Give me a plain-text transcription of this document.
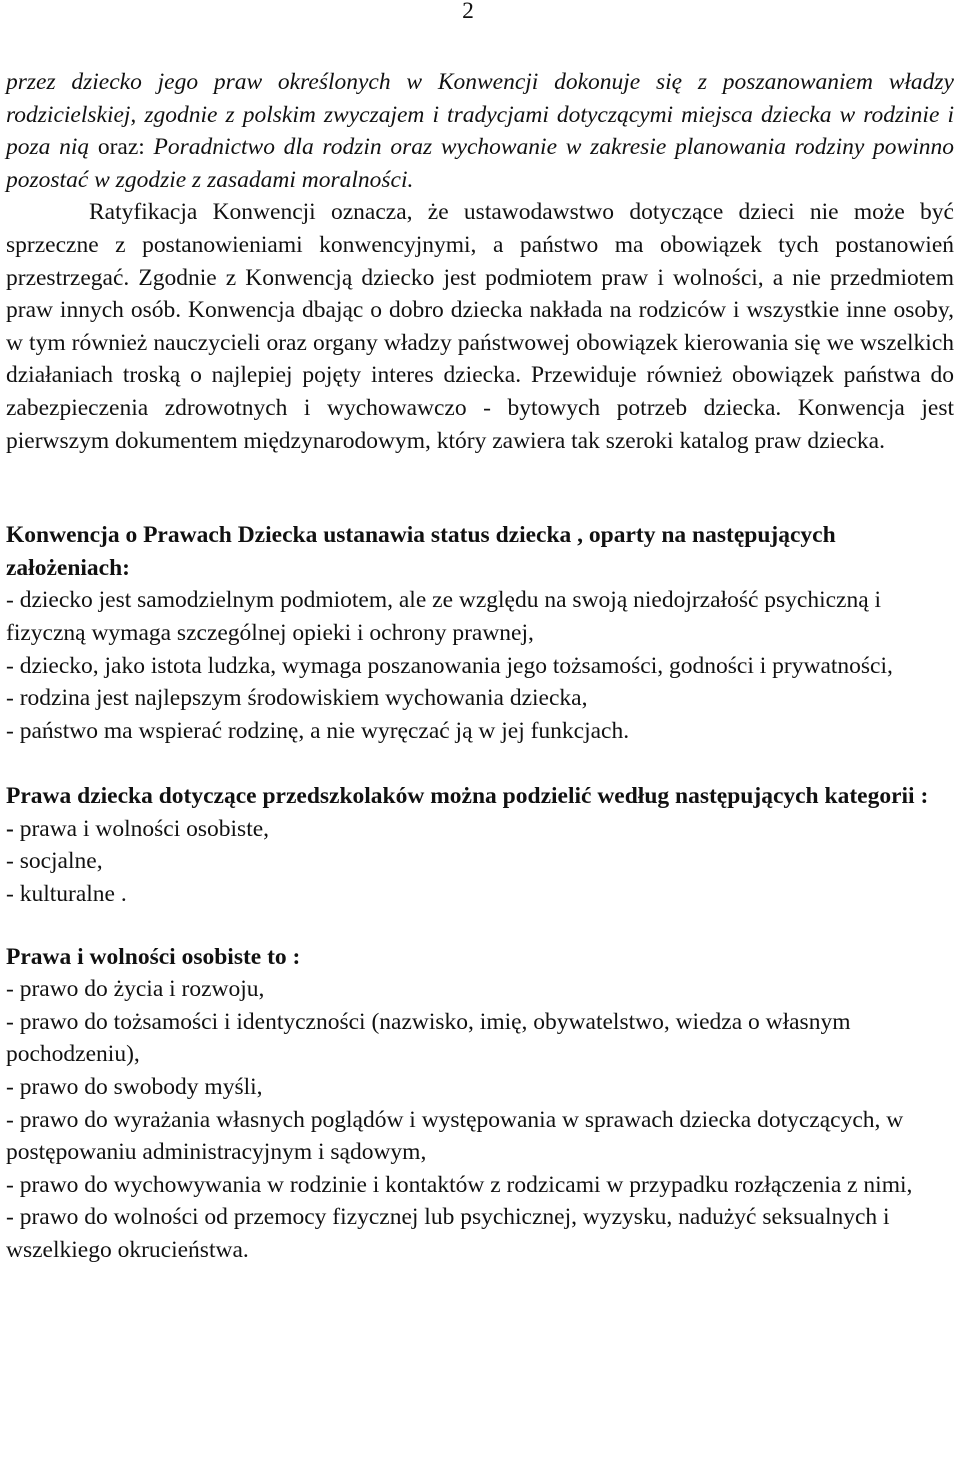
2

przez dziecko jego praw określonych w Konwencji dokonuje się z poszanowaniem władzy rodzicielskiej, zgodnie z polskim zwyczajem i tradycjami dotyczącymi miejsca dziecka w rodzinie i poza nią oraz: Poradnictwo dla rodzin oraz wychowanie w zakresie planowania rodziny powinno pozostać w zgodzie z zasadami moralności.
Ratyfikacja Konwencji oznacza, że ustawodawstwo dotyczące dzieci nie może być sprzeczne z postanowieniami konwencyjnymi, a państwo ma obowiązek tych postanowień przestrzegać. Zgodnie z Konwencją dziecko jest podmiotem praw i wolności, a nie przedmiotem praw innych osób. Konwencja dbając o dobro dziecka nakłada na rodziców i wszystkie inne osoby, w tym również nauczycieli oraz organy władzy państwowej obowiązek kierowania się we wszelkich działaniach troską o najlepiej pojęty interes dziecka. Przewiduje również obowiązek państwa do zabezpieczenia zdrowotnych i wychowawczo - bytowych potrzeb dziecka. Konwencja jest pierwszym dokumentem międzynarodowym, który zawiera tak szeroki katalog praw dziecka.

Konwencja o Prawach Dziecka ustanawia status dziecka , oparty na następujących założeniach:

- dziecko jest samodzielnym podmiotem, ale ze względu na swoją niedojrzałość psychiczną i fizyczną wymaga szczególnej opieki i ochrony prawnej,
- dziecko, jako istota ludzka, wymaga poszanowania jego tożsamości, godności i prywatności,
- rodzina jest najlepszym środowiskiem wychowania dziecka,
- państwo ma wspierać rodzinę, a nie wyręczać ją w jej funkcjach.

Prawa dziecka dotyczące przedszkolaków można podzielić według następujących kategorii :

- prawa i wolności osobiste,
- socjalne,
- kulturalne .

Prawa i wolności osobiste to :

- prawo do życia i rozwoju,
- prawo do tożsamości i identyczności (nazwisko, imię, obywatelstwo, wiedza o własnym pochodzeniu),
- prawo do swobody myśli,
- prawo do wyrażania własnych poglądów i występowania w sprawach dziecka dotyczących, w postępowaniu administracyjnym i sądowym,
- prawo do wychowywania w rodzinie i kontaktów z rodzicami w przypadku rozłączenia z nimi,
- prawo do wolności od przemocy fizycznej lub psychicznej, wyzysku, nadużyć seksualnych i wszelkiego okrucieństwa.
